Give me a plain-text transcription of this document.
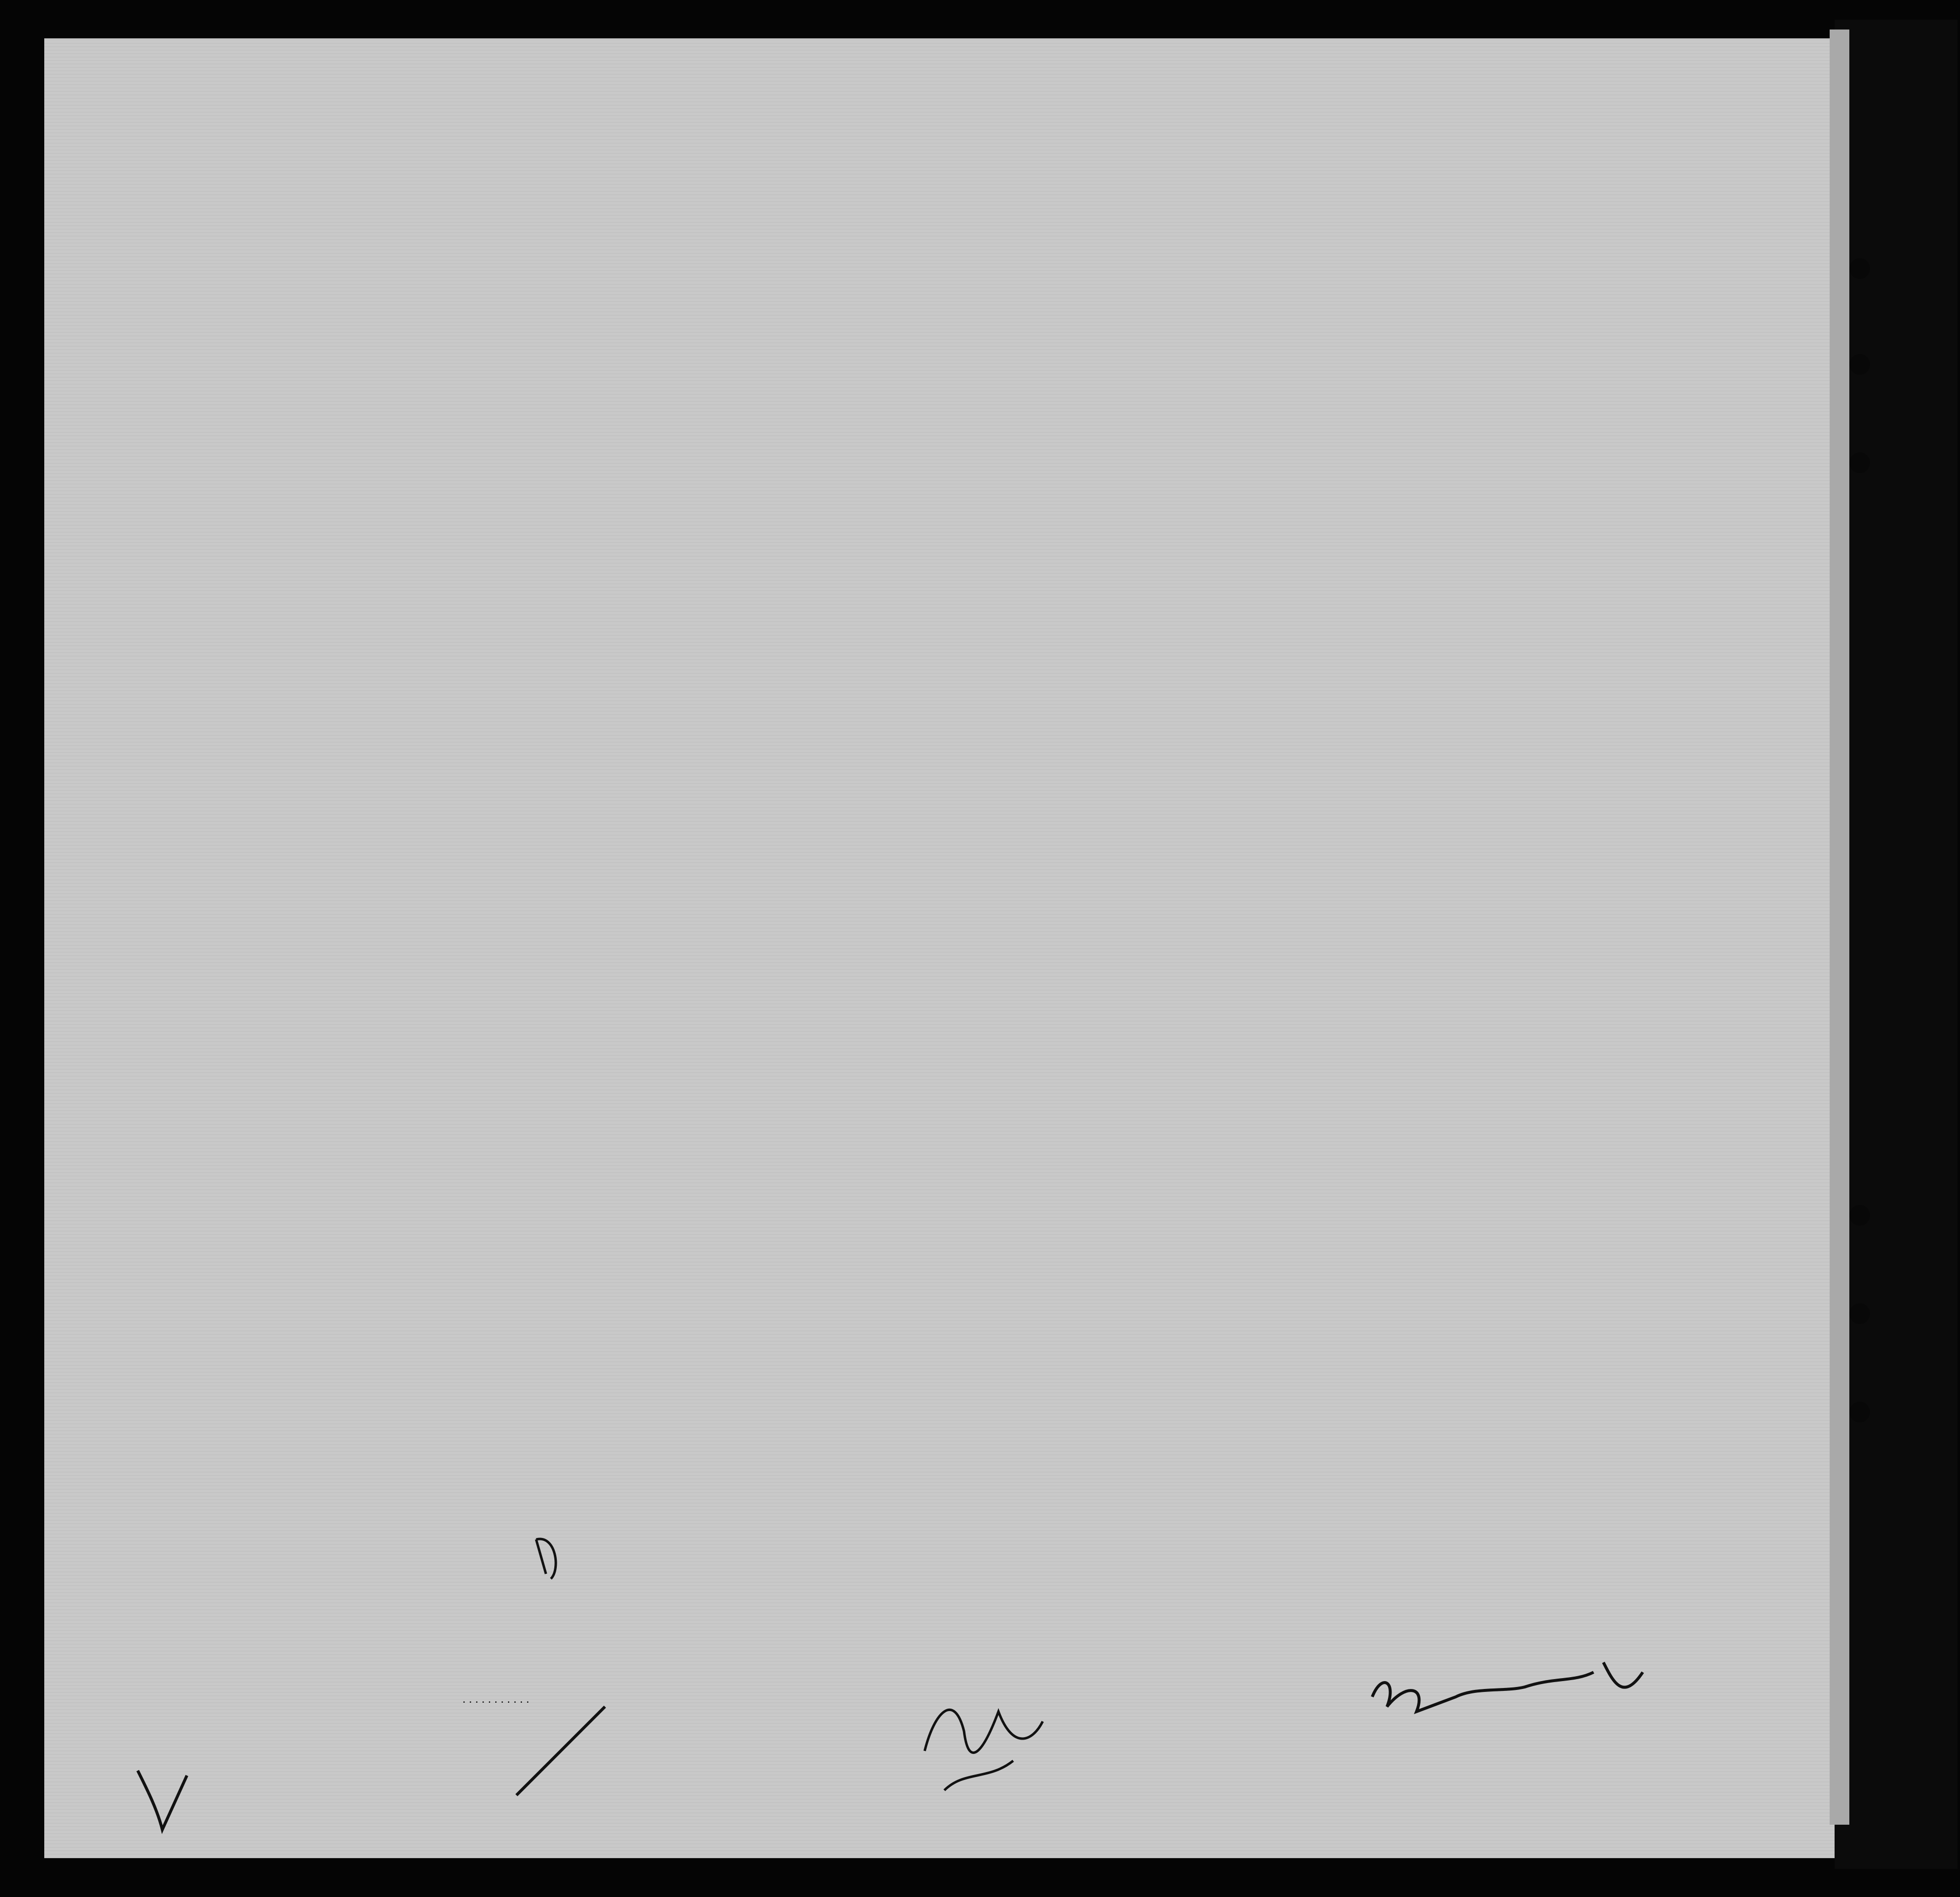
...........
